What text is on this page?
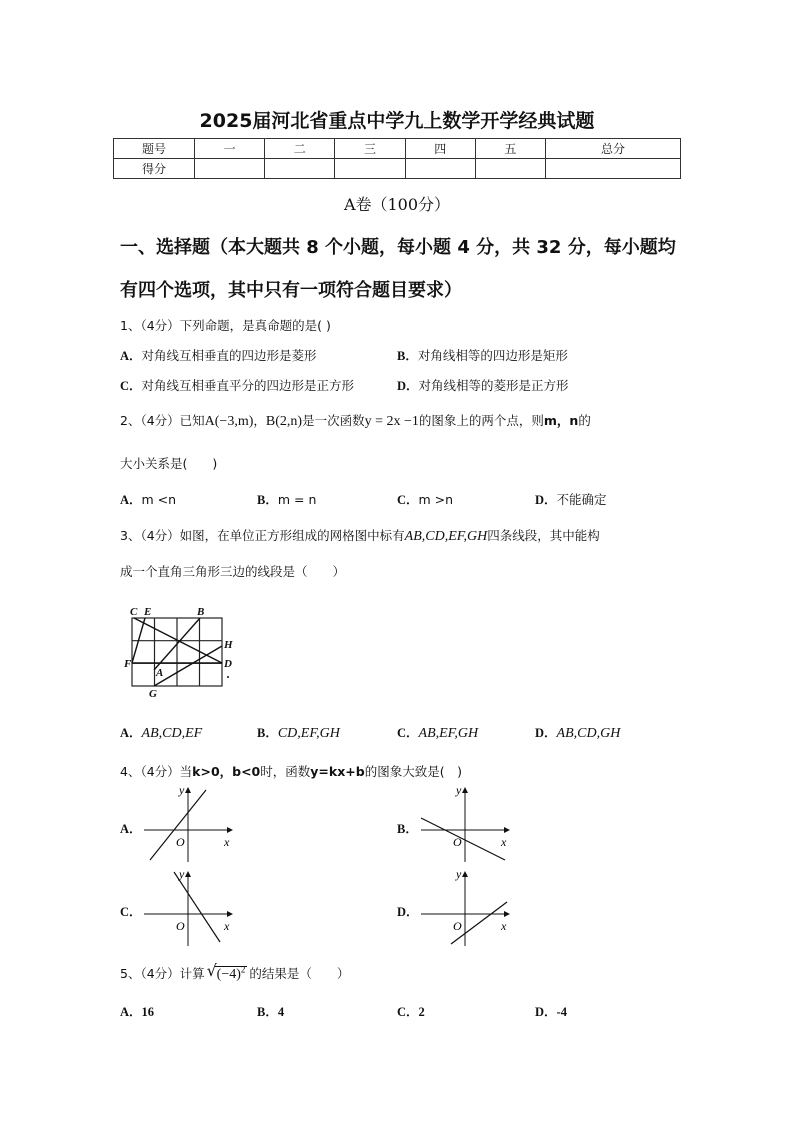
2025届河北省重点中学九上数学开学经典试题
题号	一	二	三	四	五	总分
得分						
A卷（100分）
一、选择题（本大题共 8 个小题，每小题 4 分，共 32 分，每小题均
有四个选项，其中只有一项符合题目要求）
1、（4分）下列命题，是真命题的是( )
A．对角线互相垂直的四边形是菱形	B．对角线相等的四边形是矩形
C．对角线互相垂直平分的四边形是正方形	D．对角线相等的菱形是正方形
2、（4分）已知A(−3,m)，B(2,n)是一次函数y = 2x −1的图象上的两个点，则m，n的
大小关系是(　　)
A．m <n	B．m = n	C．m >n	D．不能确定
3、（4分）如图，在单位正方形组成的网格图中标有AB,CD,EF,GH四条线段，其中能构
成一个直角三角形三边的线段是（　　）
C E	B
H
F	D
A
G
A．AB,CD,EF	B．CD,EF,GH	C．AB,EF,GH	D．AB,CD,GH
4、（4分）当k>0，b<0时，函数y=kx+b的图象大致是(　)
A．	B．
C．	D．
y
x
O
y
x
O
y
x
O
y
x
O
5、（4分）计算 √ $(-4)^2$ 的结果是（　　）
A．16	B．4	C．2	D．-4
